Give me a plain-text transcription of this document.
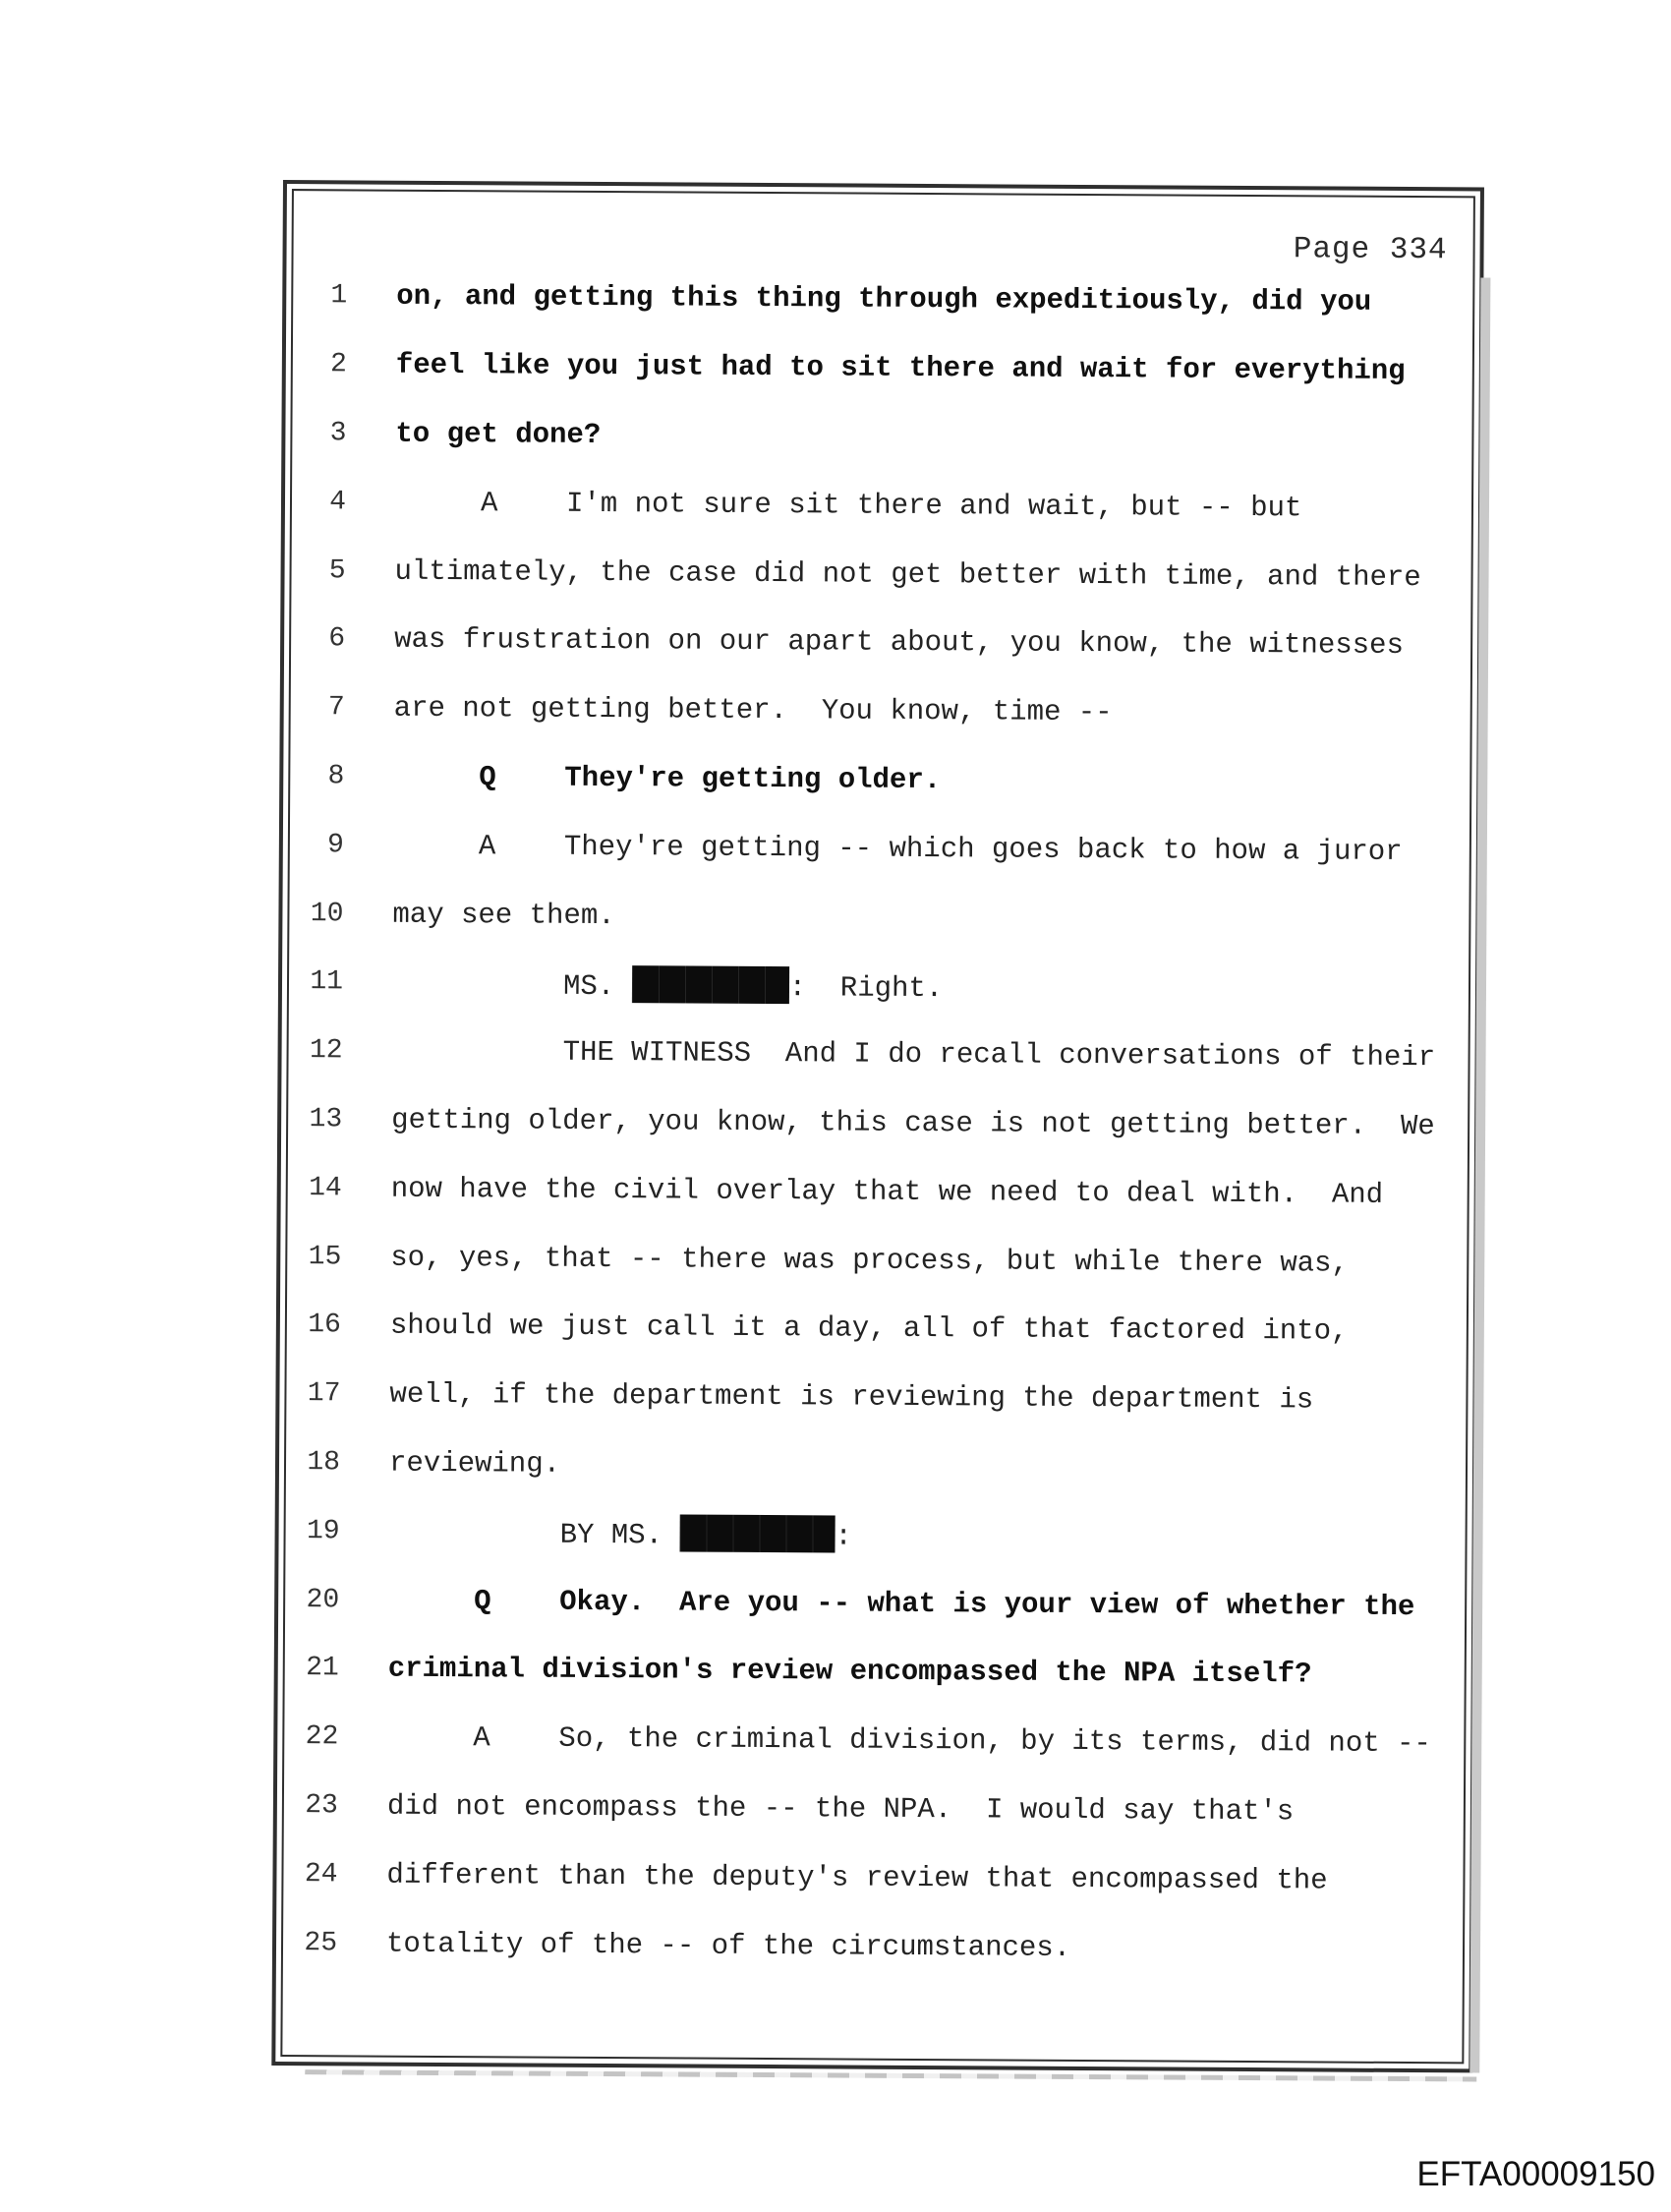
Page 334
1 on, and getting this thing through expeditiously, did you
2 feel like you just had to sit there and wait for everything
3 to get done?
4 A    I'm not sure sit there and wait, but -- but
5 ultimately, the case did not get better with time, and there
6 was frustration on our apart about, you know, the witnesses
7 are not getting better.  You know, time --
8 Q    They're getting older.
9 A    They're getting -- which goes back to how a juror
10 may see them.
11 MS.	:  Right.
12 THE WITNESS  And I do recall conversations of their
13 getting older, you know, this case is not getting better.  We
14 now have the civil overlay that we need to deal with.  And
15 so, yes, that -- there was process, but while there was,
16 should we just call it a day, all of that factored into,
17 well, if the department is reviewing the department is
18 reviewing.
19 BY MS.	:
20 Q    Okay.  Are you -- what is your view of whether the
21 criminal division's review encompassed the NPA itself?
22 A    So, the criminal division, by its terms, did not --
23 did not encompass the -- the NPA.  I would say that's
24 different than the deputy's review that encompassed the
25 totality of the -- of the circumstances.
EFTA00009150
